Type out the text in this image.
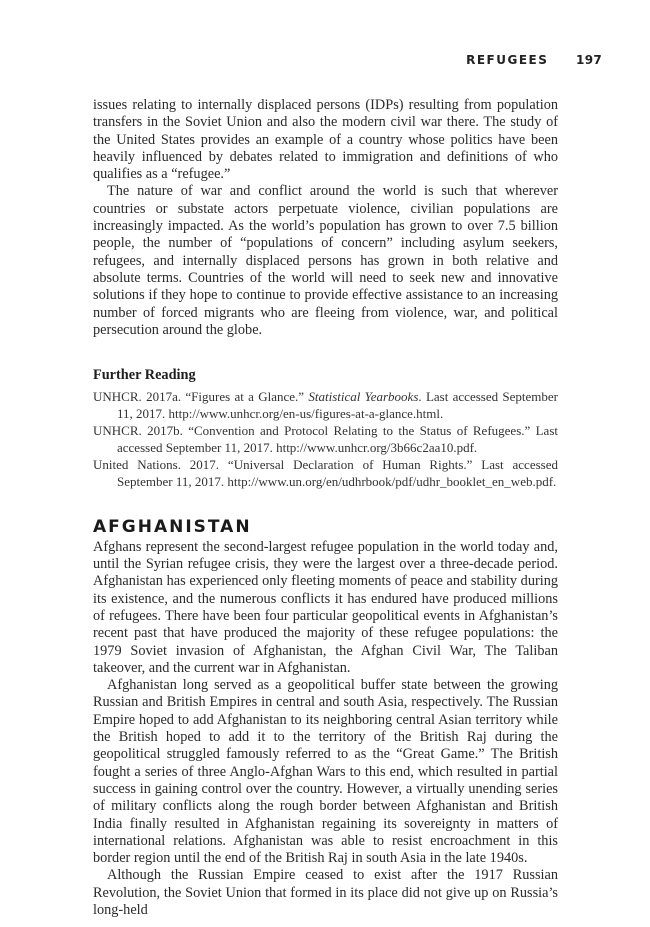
REFUGEES 197

issues relating to internally displaced persons (IDPs) resulting from population transfers in the Soviet Union and also the modern civil war there. The study of the United States provides an example of a country whose politics have been heavily influenced by debates related to immigration and definitions of who qualifies as a “refugee.”

The nature of war and conflict around the world is such that wherever countries or substate actors perpetuate violence, civilian populations are increasingly impacted. As the world’s population has grown to over 7.5 billion people, the number of “populations of concern” including asylum seekers, refugees, and internally displaced persons has grown in both relative and absolute terms. Countries of the world will need to seek new and innovative solutions if they hope to continue to provide effective assistance to an increasing number of forced migrants who are fleeing from violence, war, and political persecution around the globe.

Further Reading
UNHCR. 2017a. “Figures at a Glance.” Statistical Yearbooks. Last accessed September 11, 2017. http://www.unhcr.org/en-us/figures-at-a-glance.html.
UNHCR. 2017b. “Convention and Protocol Relating to the Status of Refugees.” Last accessed September 11, 2017. http://www.unhcr.org/3b66c2aa10.pdf.
United Nations. 2017. “Universal Declaration of Human Rights.” Last accessed September 11, 2017. http://www.un.org/en/udhrbook/pdf/udhr_booklet_en_web.pdf.
AFGHANISTAN

Afghans represent the second-largest refugee population in the world today and, until the Syrian refugee crisis, they were the largest over a three-decade period. Afghanistan has experienced only fleeting moments of peace and stability during its existence, and the numerous conflicts it has endured have produced millions of refugees. There have been four particular geopolitical events in Afghanistan’s recent past that have produced the majority of these refugee populations: the 1979 Soviet invasion of Afghanistan, the Afghan Civil War, The Taliban takeover, and the current war in Afghanistan.

Afghanistan long served as a geopolitical buffer state between the growing Russian and British Empires in central and south Asia, respectively. The Russian Empire hoped to add Afghanistan to its neighboring central Asian territory while the British hoped to add it to the territory of the British Raj during the geopolitical struggled famously referred to as the “Great Game.” The British fought a series of three Anglo-Afghan Wars to this end, which resulted in partial success in gaining control over the country. However, a virtually unending series of military conflicts along the rough border between Afghanistan and British India finally resulted in Afghanistan regaining its sovereignty in matters of international relations. Afghanistan was able to resist encroachment in this border region until the end of the British Raj in south Asia in the late 1940s.

Although the Russian Empire ceased to exist after the 1917 Russian Revolution, the Soviet Union that formed in its place did not give up on Russia’s long-held
